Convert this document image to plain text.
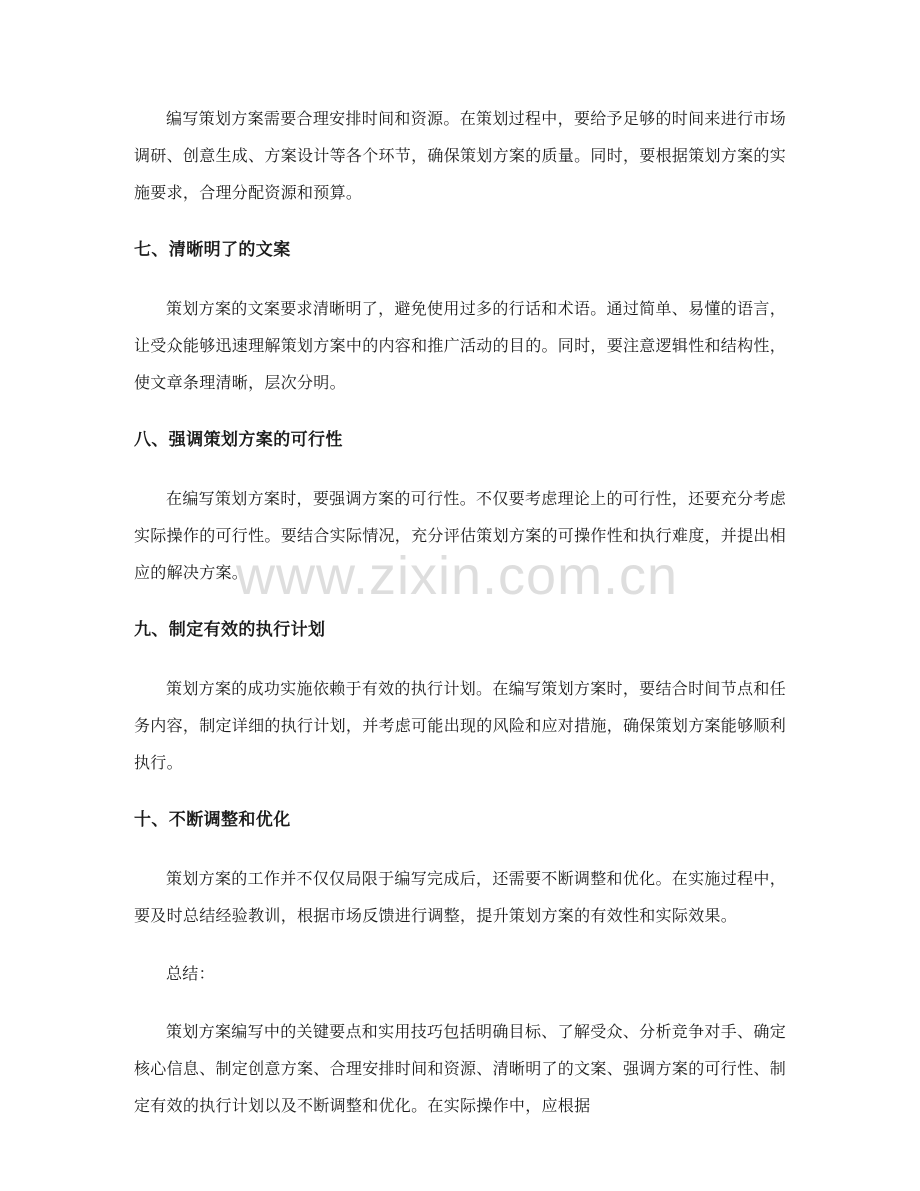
编写策划方案需要合理安排时间和资源。在策划过程中，要给予足够的时间来进行市场调研、创意生成、方案设计等各个环节，确保策划方案的质量。同时，要根据策划方案的实施要求，合理分配资源和预算。

七、清晰明了的文案

策划方案的文案要求清晰明了，避免使用过多的行话和术语。通过简单、易懂的语言，让受众能够迅速理解策划方案中的内容和推广活动的目的。同时，要注意逻辑性和结构性，使文章条理清晰，层次分明。

八、强调策划方案的可行性

在编写策划方案时，要强调方案的可行性。不仅要考虑理论上的可行性，还要充分考虑实际操作的可行性。要结合实际情况，充分评估策划方案的可操作性和执行难度，并提出相应的解决方案。

九、制定有效的执行计划

策划方案的成功实施依赖于有效的执行计划。在编写策划方案时，要结合时间节点和任务内容，制定详细的执行计划，并考虑可能出现的风险和应对措施，确保策划方案能够顺利执行。

十、不断调整和优化

策划方案的工作并不仅仅局限于编写完成后，还需要不断调整和优化。在实施过程中，要及时总结经验教训，根据市场反馈进行调整，提升策划方案的有效性和实际效果。

总结：

策划方案编写中的关键要点和实用技巧包括明确目标、了解受众、分析竞争对手、确定核心信息、制定创意方案、合理安排时间和资源、清晰明了的文案、强调方案的可行性、制定有效的执行计划以及不断调整和优化。在实际操作中，应根据

www.zixin.com.cn
